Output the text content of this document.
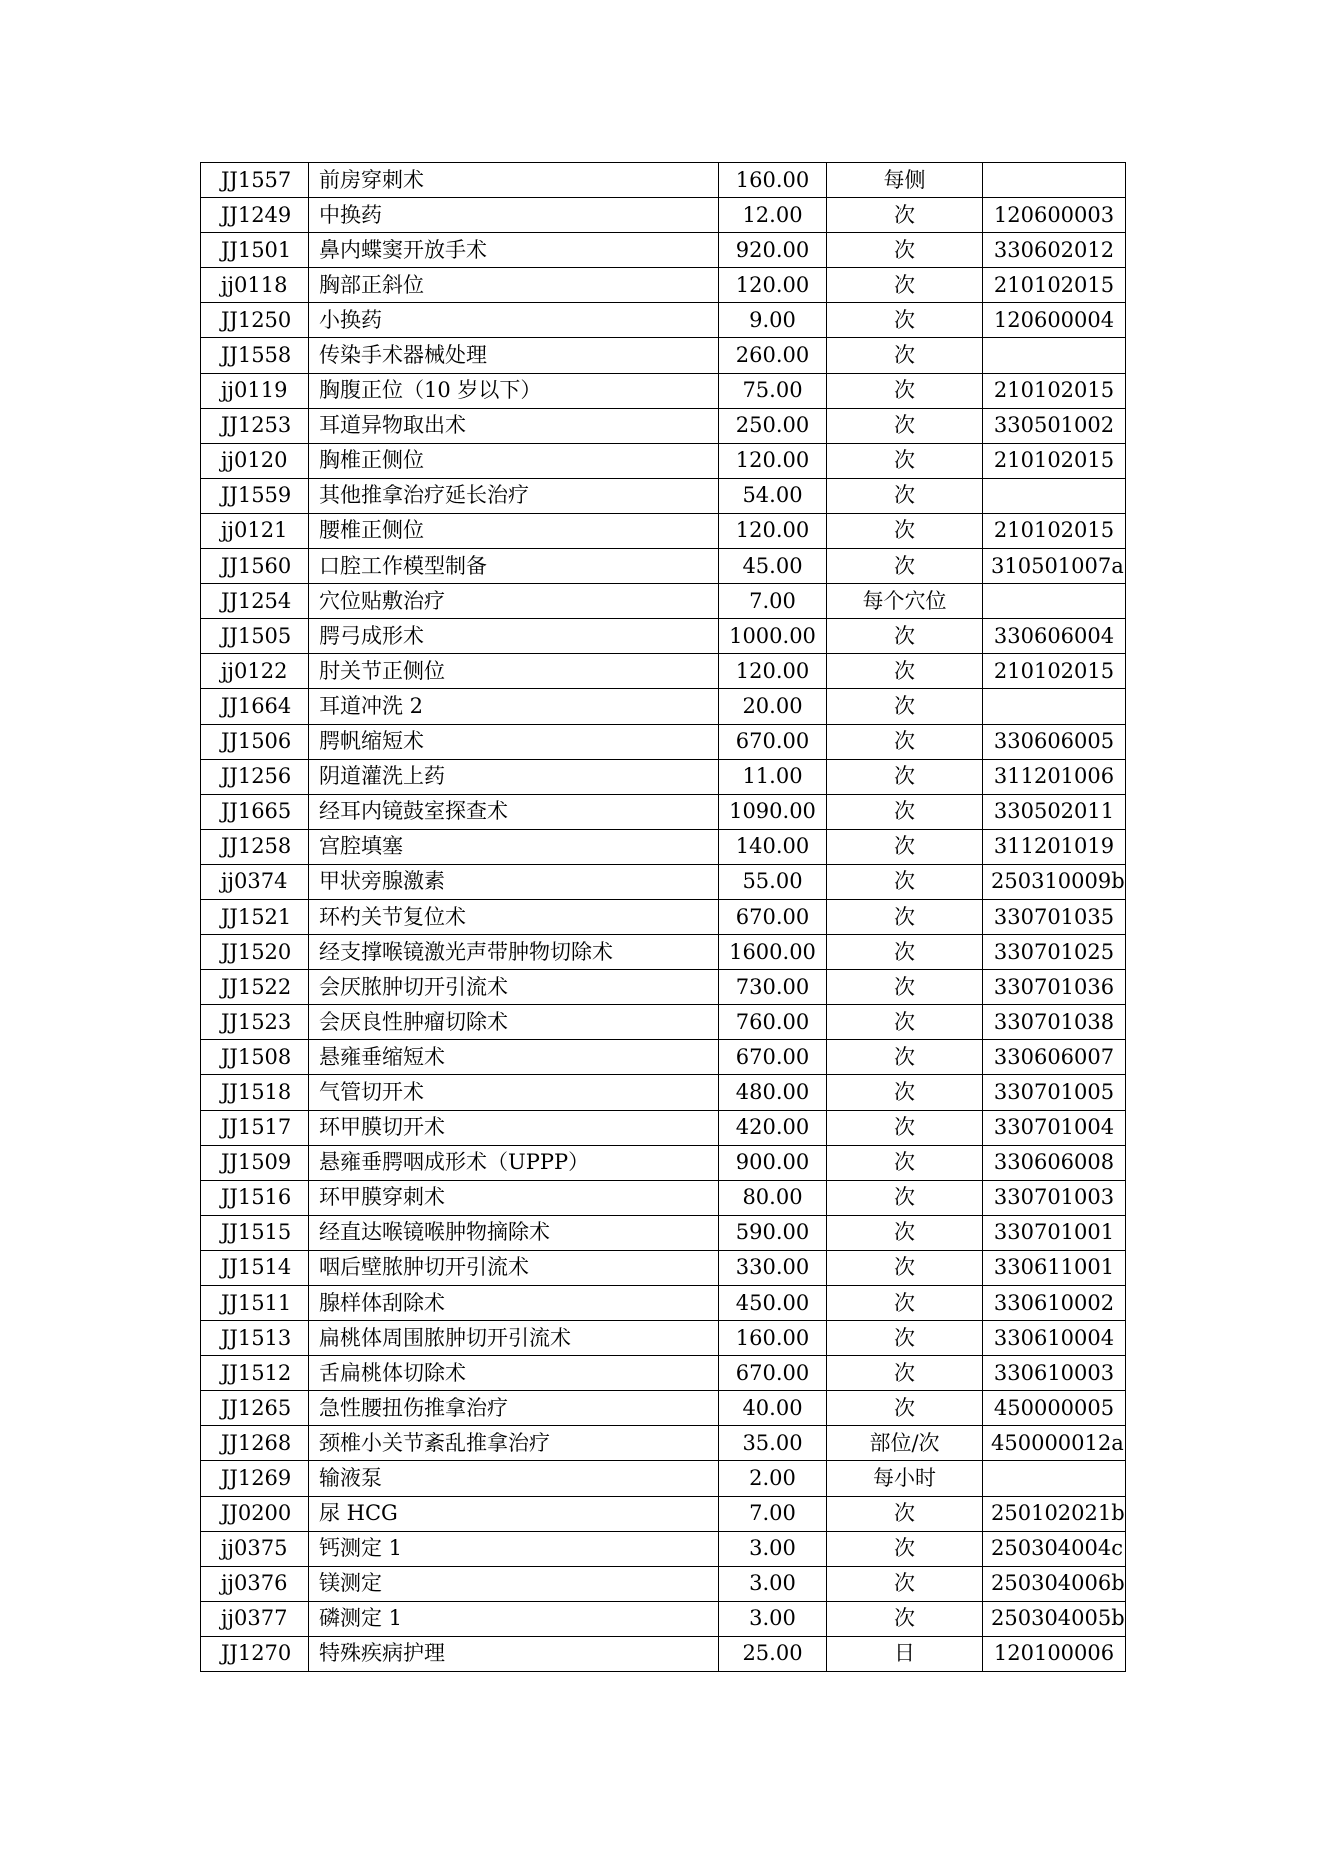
JJ1557	前房穿刺术	160.00	每侧	
JJ1249	中换药	12.00	次	120600003
JJ1501	鼻内蝶窦开放手术	920.00	次	330602012
jj0118	胸部正斜位	120.00	次	210102015
JJ1250	小换药	9.00	次	120600004
JJ1558	传染手术器械处理	260.00	次	
jj0119	胸腹正位（10 岁以下）	75.00	次	210102015
JJ1253	耳道异物取出术	250.00	次	330501002
jj0120	胸椎正侧位	120.00	次	210102015
JJ1559	其他推拿治疗延长治疗	54.00	次	
jj0121	腰椎正侧位	120.00	次	210102015
JJ1560	口腔工作模型制备	45.00	次	310501007a
JJ1254	穴位贴敷治疗	7.00	每个穴位	
JJ1505	腭弓成形术	1000.00	次	330606004
jj0122	肘关节正侧位	120.00	次	210102015
JJ1664	耳道冲洗 2	20.00	次	
JJ1506	腭帆缩短术	670.00	次	330606005
JJ1256	阴道灌洗上药	11.00	次	311201006
JJ1665	经耳内镜鼓室探查术	1090.00	次	330502011
JJ1258	宫腔填塞	140.00	次	311201019
jj0374	甲状旁腺激素	55.00	次	250310009b
JJ1521	环杓关节复位术	670.00	次	330701035
JJ1520	经支撑喉镜激光声带肿物切除术	1600.00	次	330701025
JJ1522	会厌脓肿切开引流术	730.00	次	330701036
JJ1523	会厌良性肿瘤切除术	760.00	次	330701038
JJ1508	悬雍垂缩短术	670.00	次	330606007
JJ1518	气管切开术	480.00	次	330701005
JJ1517	环甲膜切开术	420.00	次	330701004
JJ1509	悬雍垂腭咽成形术（UPPP）	900.00	次	330606008
JJ1516	环甲膜穿刺术	80.00	次	330701003
JJ1515	经直达喉镜喉肿物摘除术	590.00	次	330701001
JJ1514	咽后壁脓肿切开引流术	330.00	次	330611001
JJ1511	腺样体刮除术	450.00	次	330610002
JJ1513	扁桃体周围脓肿切开引流术	160.00	次	330610004
JJ1512	舌扁桃体切除术	670.00	次	330610003
JJ1265	急性腰扭伤推拿治疗	40.00	次	450000005
JJ1268	颈椎小关节紊乱推拿治疗	35.00	部位/次	450000012a
JJ1269	输液泵	2.00	每小时	
JJ0200	尿 HCG	7.00	次	250102021b
jj0375	钙测定 1	3.00	次	250304004c
jj0376	镁测定	3.00	次	250304006b
jj0377	磷测定 1	3.00	次	250304005b
JJ1270	特殊疾病护理	25.00	日	120100006
